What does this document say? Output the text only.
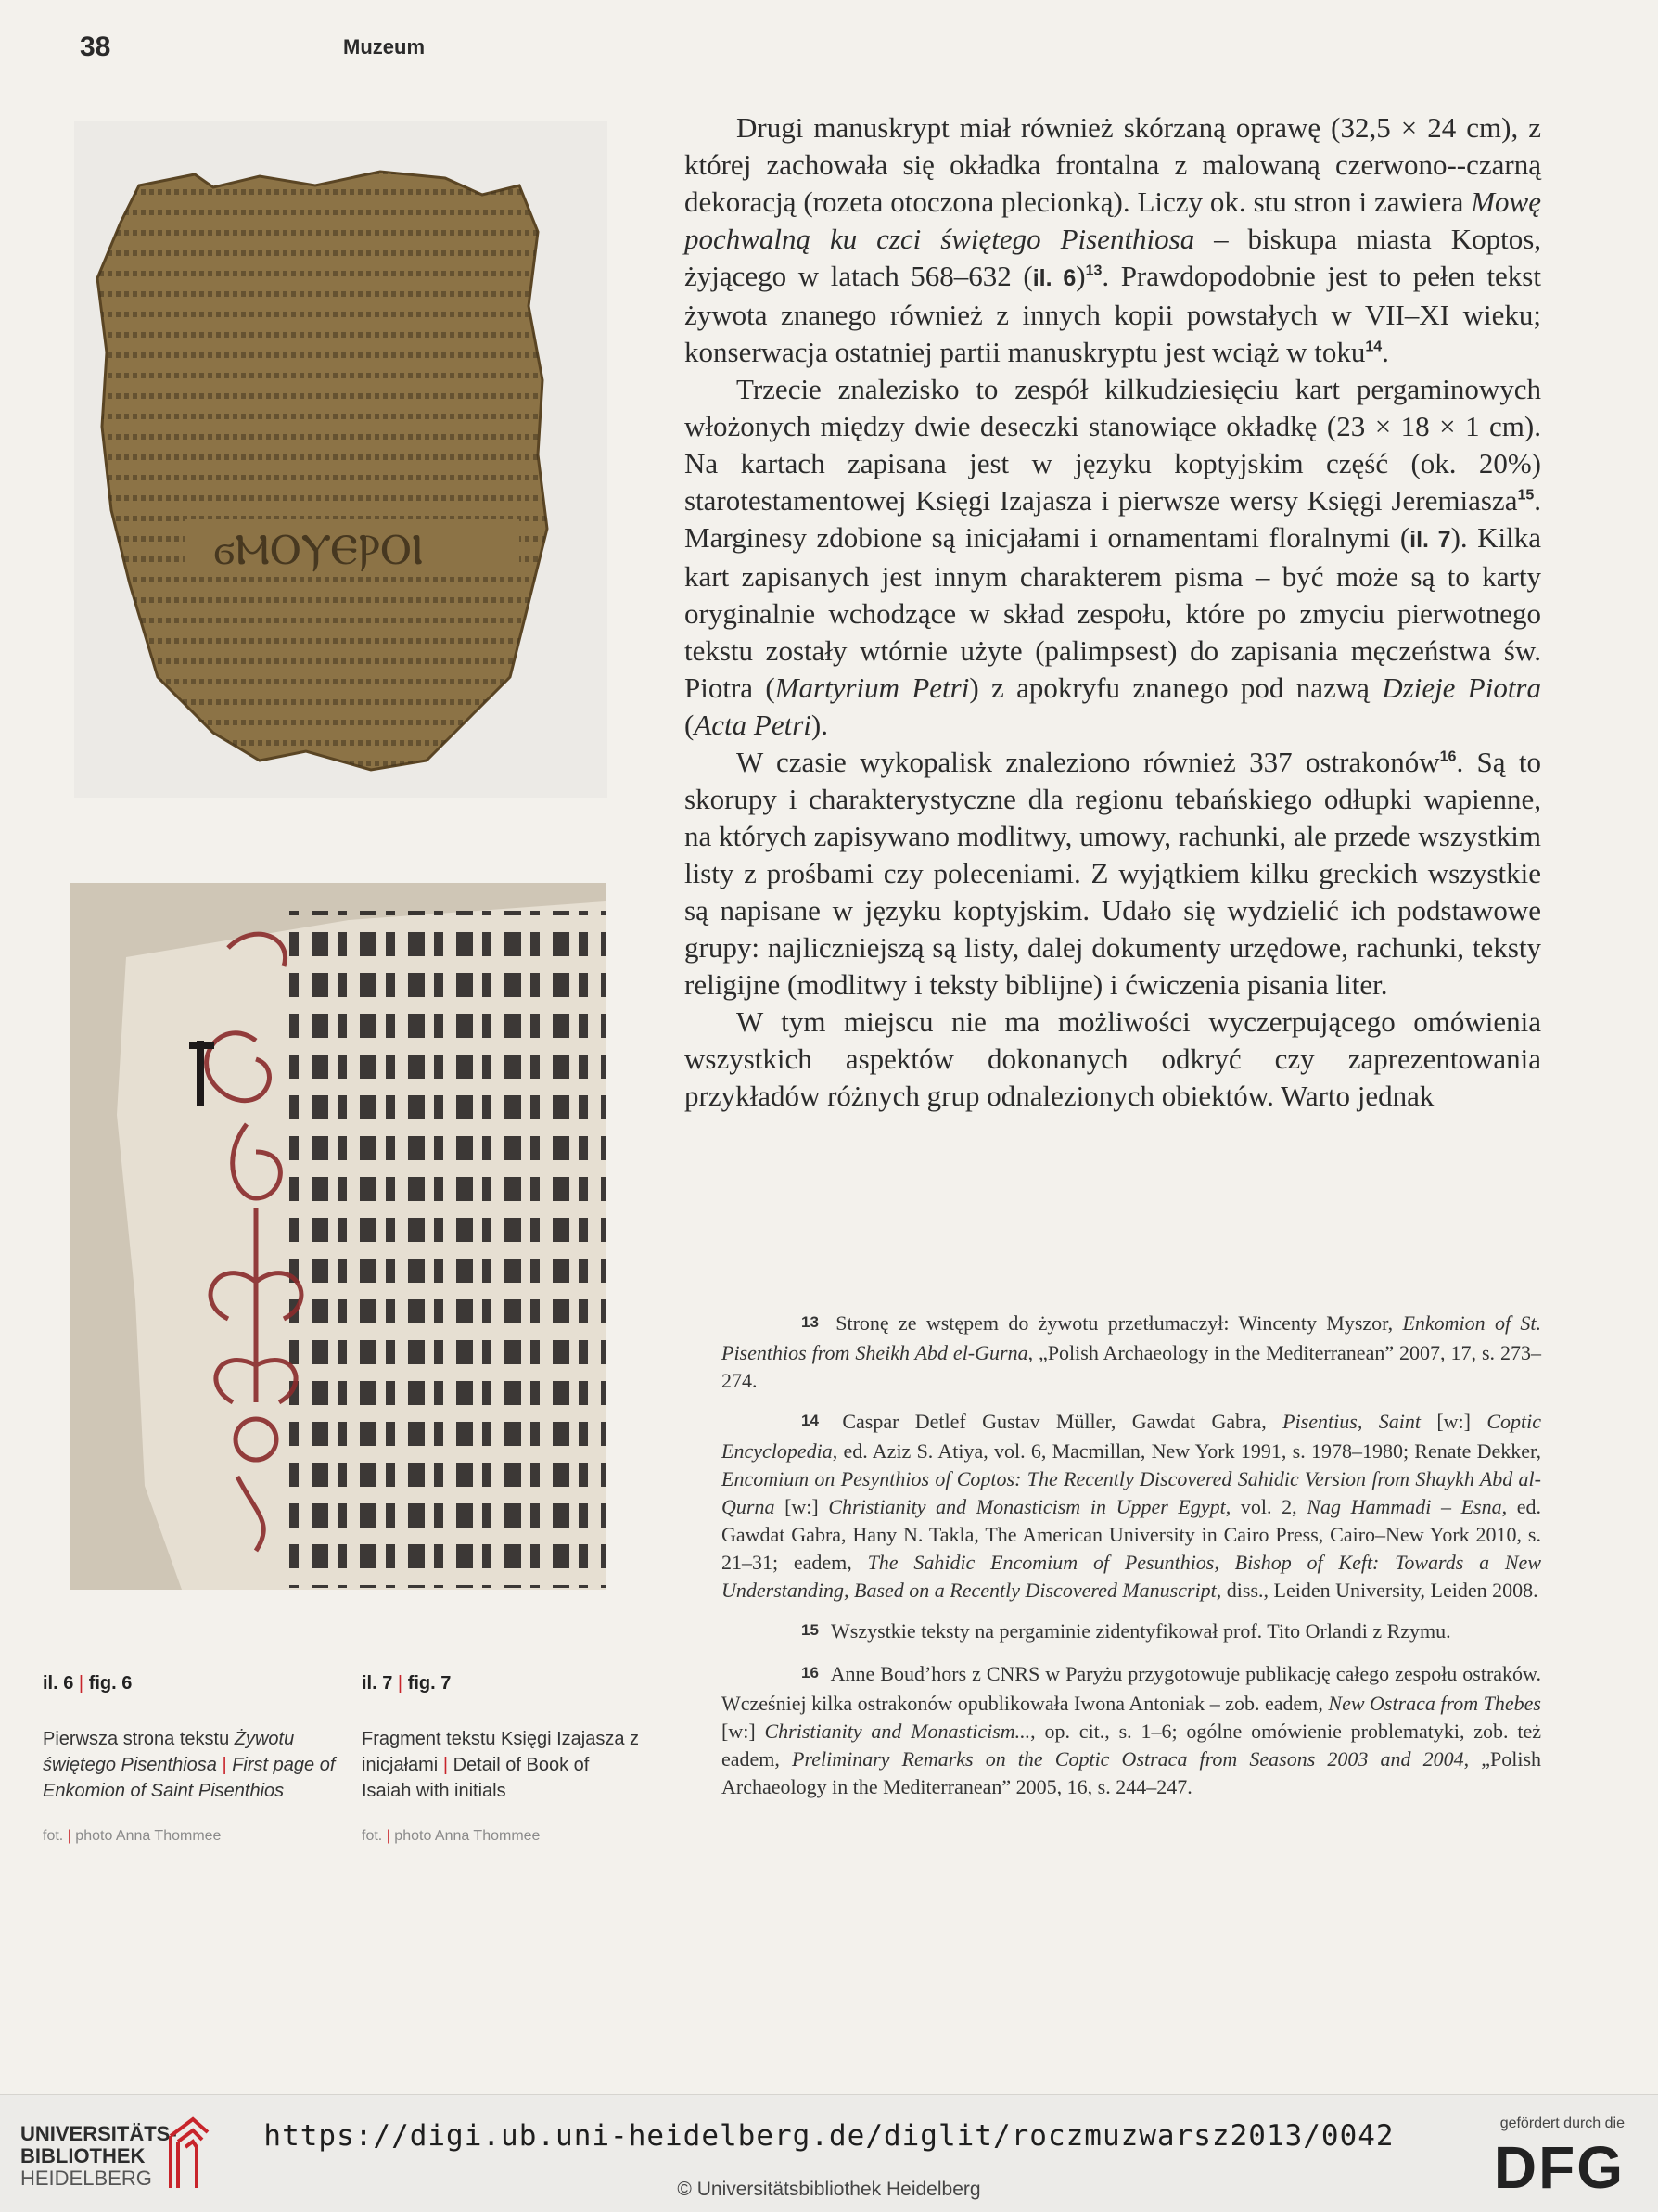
38	Muzeum
ϭⲘⲞⲨⲈⲢⲞⲒ

Drugi manuskrypt miał również skórzaną oprawę (32,5 × 24 cm), z której zachowała się okładka frontalna z malowaną czerwono--czarną dekoracją (rozeta otoczona plecionką). Liczy ok. stu stron i zawiera Mowę pochwalną ku czci świętego Pisenthiosa – biskupa miasta Koptos, żyjącego w latach 568–632 (il. 6)$^{13}$. Prawdopodobnie jest to pełen tekst żywota znanego również z innych kopii powstałych w VII–XI wieku; konserwacja ostatniej partii manuskryptu jest wciąż w toku$^{14}$.

Trzecie znalezisko to zespół kilkudziesięciu kart pergaminowych włożonych między dwie deseczki stanowiące okładkę (23 × 18 × 1 cm). Na kartach zapisana jest w języku koptyjskim część (ok. 20%) starotestamentowej Księgi Izajasza i pierwsze wersy Księgi Jeremiasza$^{15}$. Marginesy zdobione są inicjałami i ornamentami floralnymi (il. 7). Kilka kart zapisanych jest innym charakterem pisma – być może są to karty oryginalnie wchodzące w skład zespołu, które po zmyciu pierwotnego tekstu zostały wtórnie użyte (palimpsest) do zapisania męczeństwa św. Piotra (Martyrium Petri) z apokryfu znanego pod nazwą Dzieje Piotra (Acta Petri).

W czasie wykopalisk znaleziono również 337 ostrakonów$^{16}$. Są to skorupy i charakterystyczne dla regionu tebańskiego odłupki wapienne, na których zapisywano modlitwy, umowy, rachunki, ale przede wszystkim listy z prośbami czy poleceniami. Z wyjątkiem kilku greckich wszystkie są napisane w języku koptyjskim. Udało się wydzielić ich podstawowe grupy: najliczniejszą są listy, dalej dokumenty urzędowe, rachunki, teksty religijne (modlitwy i teksty biblijne) i ćwiczenia pisania liter.

W tym miejscu nie ma możliwości wyczerpującego omówienia wszystkich aspektów dokonanych odkryć czy zaprezentowania przykładów różnych grup odnalezionych obiektów. Warto jednak

13 Stronę ze wstępem do żywotu przetłumaczył: Wincenty Myszor, Enkomion of St. Pisenthios from Sheikh Abd el-Gurna, „Polish Archaeology in the Mediterranean” 2007, 17, s. 273–274.

14 Caspar Detlef Gustav Müller, Gawdat Gabra, Pisentius, Saint [w:] Coptic Encyclopedia, ed. Aziz S. Atiya, vol. 6, Macmillan, New York 1991, s. 1978–1980; Renate Dekker, Encomium on Pesynthios of Coptos: The Recently Discovered Sahidic Version from Shaykh Abd al-Qurna [w:] Christianity and Monasticism in Upper Egypt, vol. 2, Nag Hammadi – Esna, ed. Gawdat Gabra, Hany N. Takla, The American University in Cairo Press, Cairo–New York 2010, s. 21–31; eadem, The Sahidic Encomium of Pesunthios, Bishop of Keft: Towards a New Understanding, Based on a Recently Discovered Manuscript, diss., Leiden University, Leiden 2008.

15 Wszystkie teksty na pergaminie zidentyfikował prof. Tito Orlandi z Rzymu.

16 Anne Boud’hors z CNRS w Paryżu przygotowuje publikację całego zespołu ostraków. Wcześniej kilka ostrakonów opublikowała Iwona Antoniak – zob. eadem, New Ostraca from Thebes [w:] Christianity and Monasticism..., op. cit., s. 1–6; ogólne omówienie problematyki, zob. też eadem, Preliminary Remarks on the Coptic Ostraca from Seasons 2003 and 2004, „Polish Archaeology in the Mediterranean” 2005, 16, s. 244–247.

il. 6 | fig. 6
Pierwsza strona tekstu Żywotu świętego Pisenthiosa | First page of Enkomion of Saint Pisenthios
fot. | photo Anna Thommee
il. 7 | fig. 7
Fragment tekstu Księgi Izajasza z inicjałami | Detail of Book of Isaiah with initials
fot. | photo Anna Thommee
UNIVERSITÄTS-
BIBLIOTHEK
HEIDELBERG
https://digi.ub.uni-heidelberg.de/diglit/roczmuzwarsz2013/0042
© Universitätsbibliothek Heidelberg
gefördert durch die
DFG
